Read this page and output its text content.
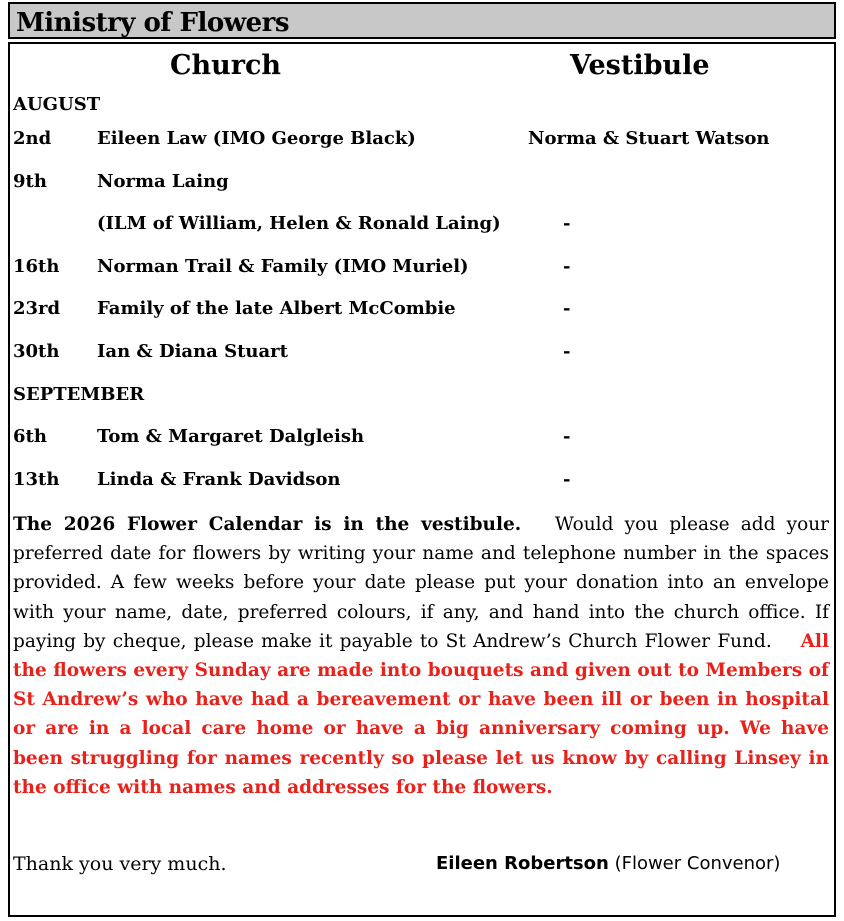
Ministry of Flowers
Church	Vestibule
AUGUST
2nd	Eileen Law (IMO George Black)	Norma & Stuart Watson
9th	Norma Laing
(ILM of William, Helen & Ronald Laing)	-
16th Norman Trail & Family (IMO Muriel)	-
23rd Family of the late Albert McCombie	-
30th Ian & Diana Stuart	-
SEPTEMBER
6th	Tom & Margaret Dalgleish	-
13th Linda & Frank Davidson	-
The 2026 Flower Calendar is in the vestibule. Would you please add your preferred date for flowers by writing your name and telephone number in the spaces provided. A few weeks before your date please put your donation into an envelope with your name, date, preferred colours, if any, and hand into the church office. If paying by cheque, please make it payable to St Andrew’s Church Flower Fund. All the flowers every Sunday are made into bouquets and given out to Members of St Andrew’s who have had a bereavement or have been ill or been in hospital or are in a local care home or have a big anniversary coming up. We have been struggling for names recently so please let us know by calling Linsey in the office with names and addresses for the flowers.
Thank you very much.	Eileen Robertson (Flower Convenor)
